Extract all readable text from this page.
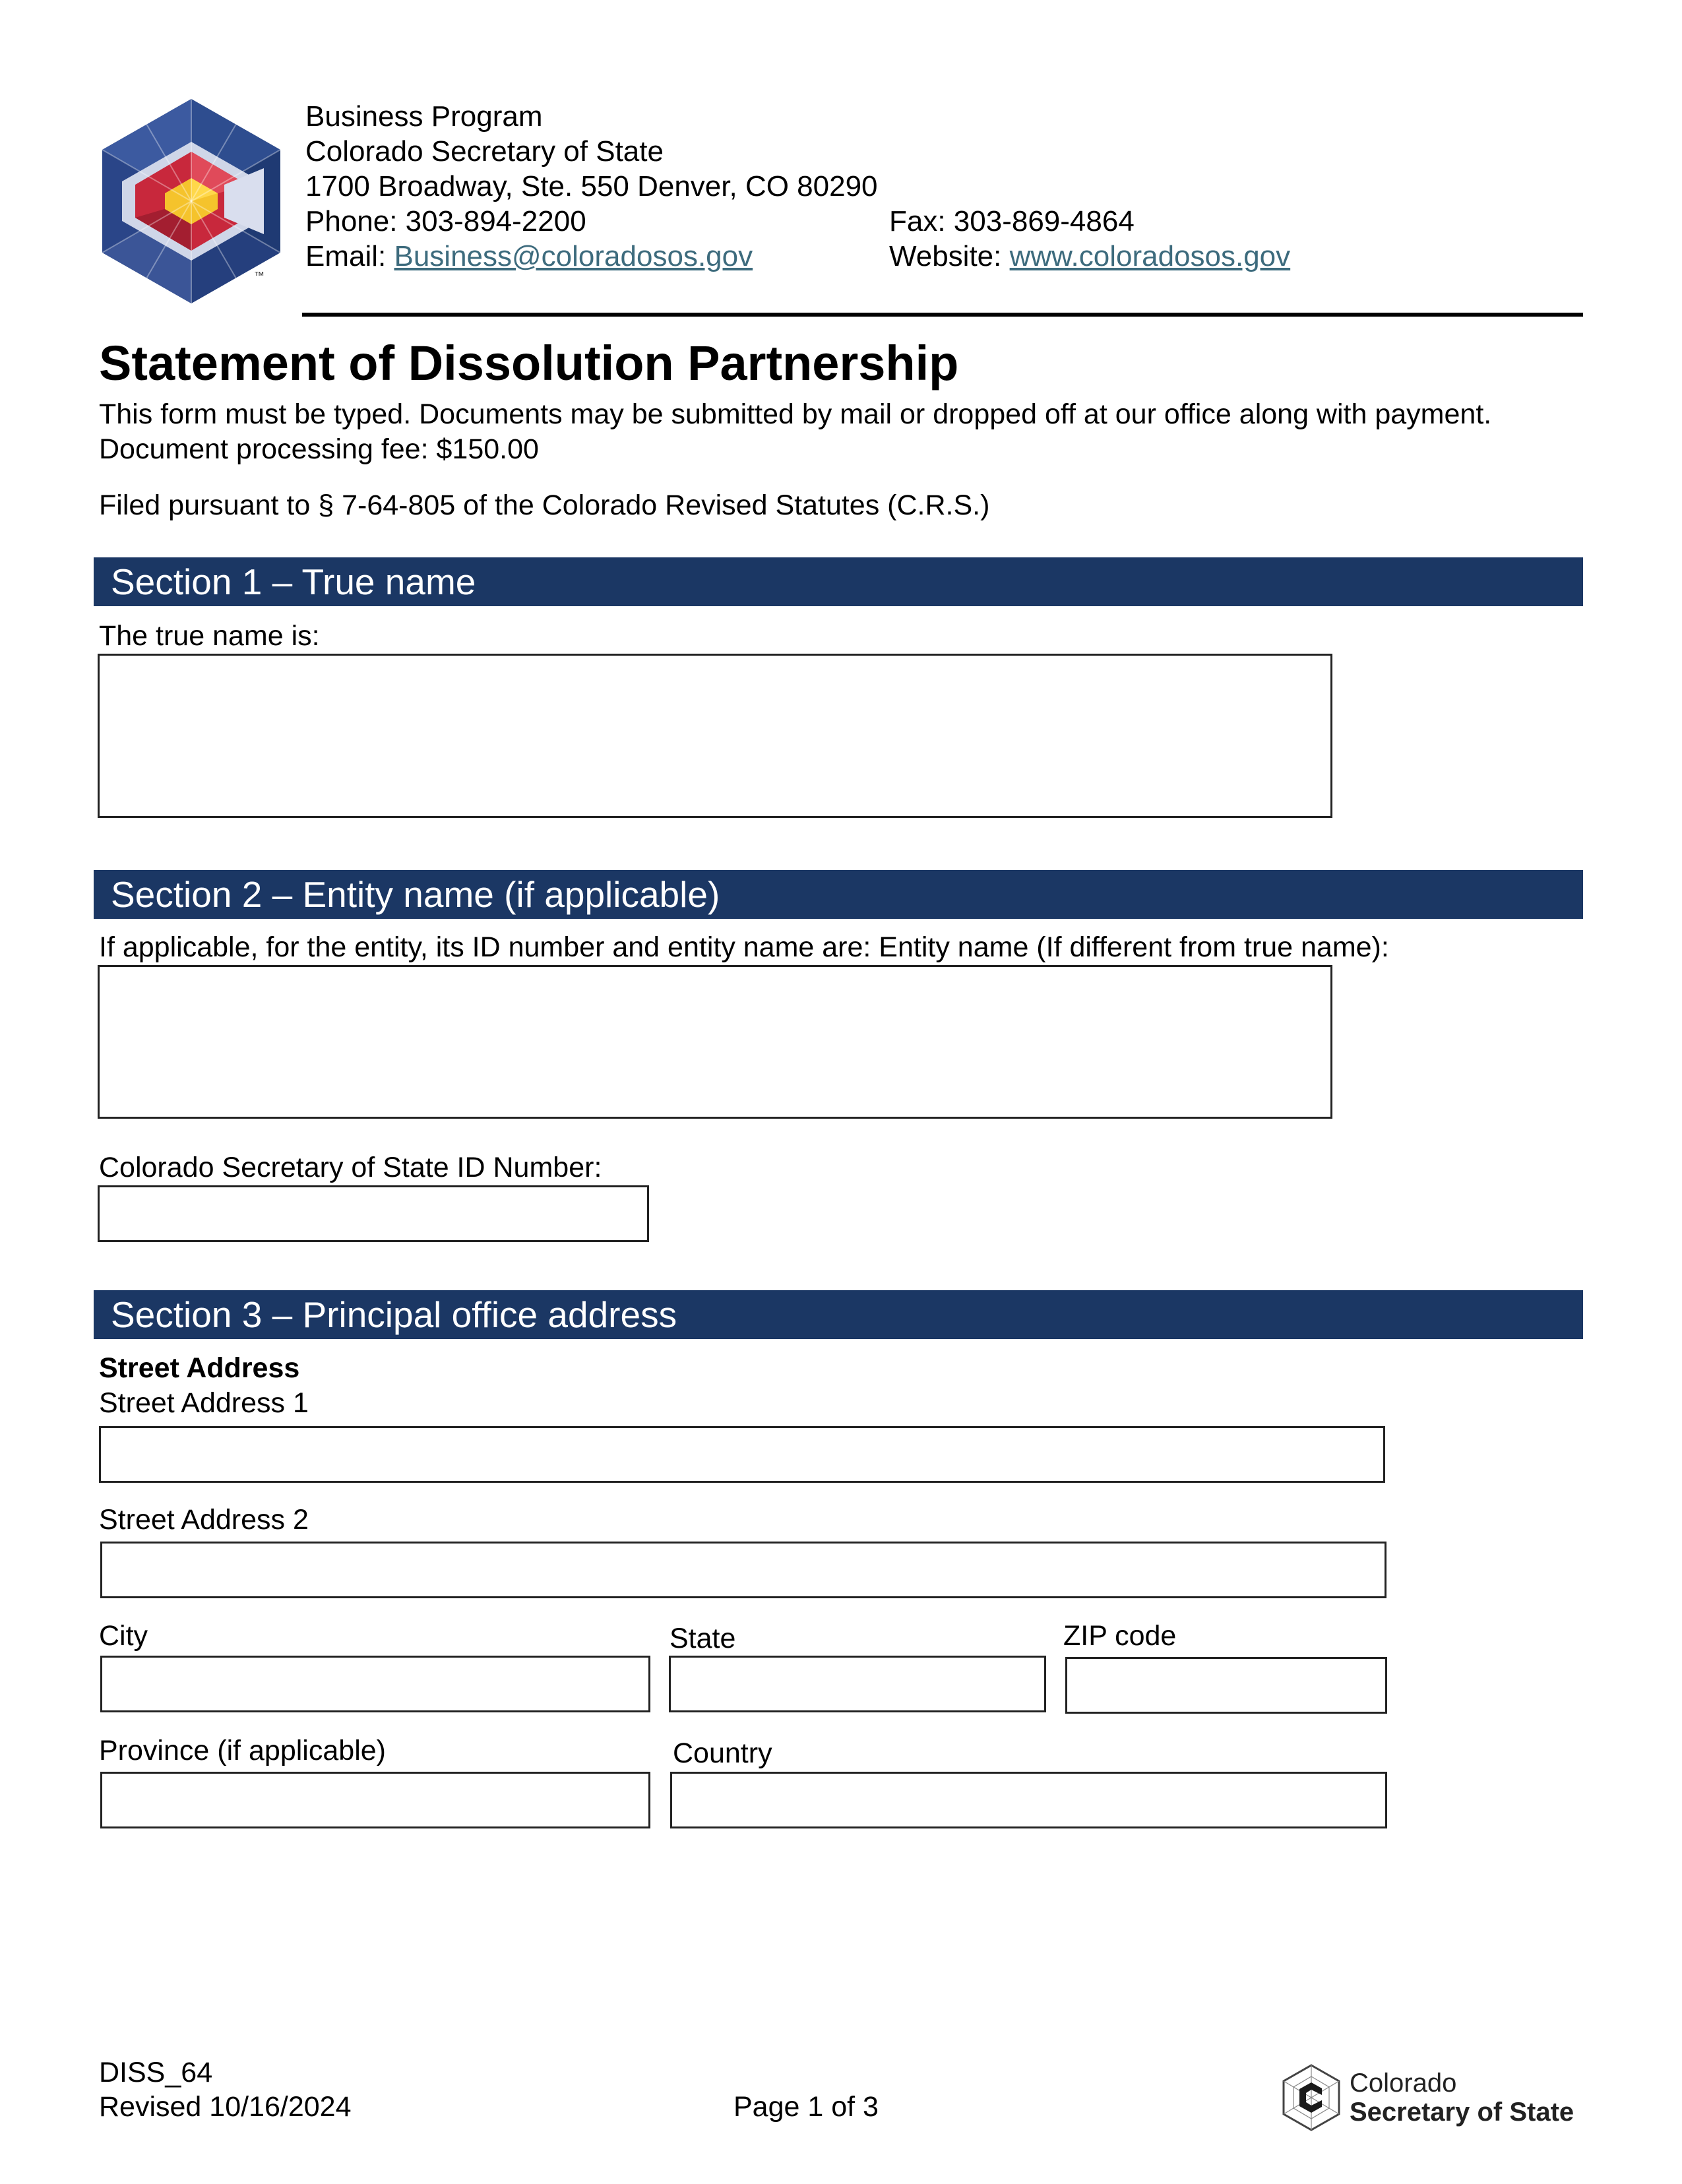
™
Business Program
Colorado Secretary of State
1700 Broadway, Ste. 550 Denver, CO 80290
Phone: 303-894-2200	Fax: 303-869-4864
Email: Business@coloradosos.gov	Website: www.coloradosos.gov
Statement of Dissolution Partnership
This form must be typed. Documents may be submitted by mail or dropped off at our office along with payment. Document processing fee: $150.00
Filed pursuant to § 7-64-805 of the Colorado Revised Statutes (C.R.S.)
Section 1 – True name
The true name is:
Section 2 – Entity name (if applicable)
If applicable, for the entity, its ID number and entity name are: Entity name (If different from true name):
Colorado Secretary of State ID Number:
Section 3 – Principal office address
Street Address
Street Address 1
Street Address 2
City	State	ZIP code
Province (if applicable)	Country
DISS_64
Revised 10/16/2024	Page 1 of 3
Colorado
Secretary of State
